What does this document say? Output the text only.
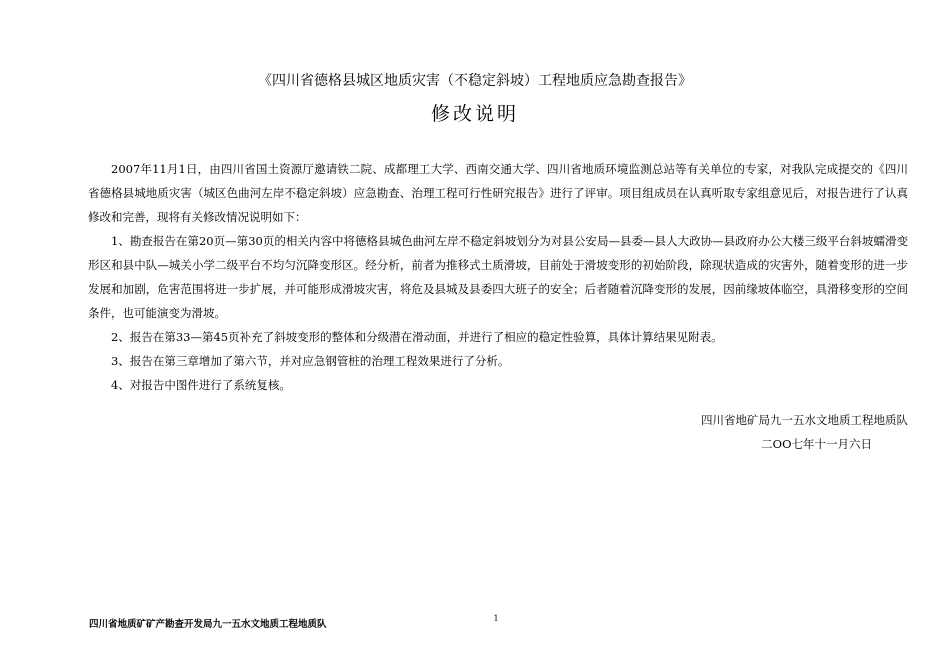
《四川省德格县城区地质灾害（不稳定斜坡）工程地质应急勘查报告》
修改说明

2007年11月1日，由四川省国土资源厅邀请铁二院、成都理工大学、西南交通大学、四川省地质环境监测总站等有关单位的专家，对我队完成提交的《四川省德格县城地质灾害（城区色曲河左岸不稳定斜坡）应急勘查、治理工程可行性研究报告》进行了评审。项目组成员在认真听取专家组意见后，对报告进行了认真修改和完善，现将有关修改情况说明如下：

1、勘查报告在第20页—第30页的相关内容中将德格县城色曲河左岸不稳定斜坡划分为对县公安局—县委—县人大政协—县政府办公大楼三级平台斜坡蠕滑变形区和县中队—城关小学二级平台不均匀沉降变形区。经分析，前者为推移式土质滑坡，目前处于滑坡变形的初始阶段，除现状造成的灾害外，随着变形的进一步发展和加剧，危害范围将进一步扩展，并可能形成滑坡灾害，将危及县城及县委四大班子的安全；后者随着沉降变形的发展，因前缘坡体临空，具滑移变形的空间条件，也可能演变为滑坡。

2、报告在第33—第45页补充了斜坡变形的整体和分级潜在滑动面，并进行了相应的稳定性验算，具体计算结果见附表。

3、报告在第三章增加了第六节，并对应急钢管桩的治理工程效果进行了分析。

4、对报告中图件进行了系统复核。

四川省地矿局九一五水文地质工程地质队
二OO七年十一月六日
1
四川省地质矿矿产勘查开发局九一五水文地质工程地质队
